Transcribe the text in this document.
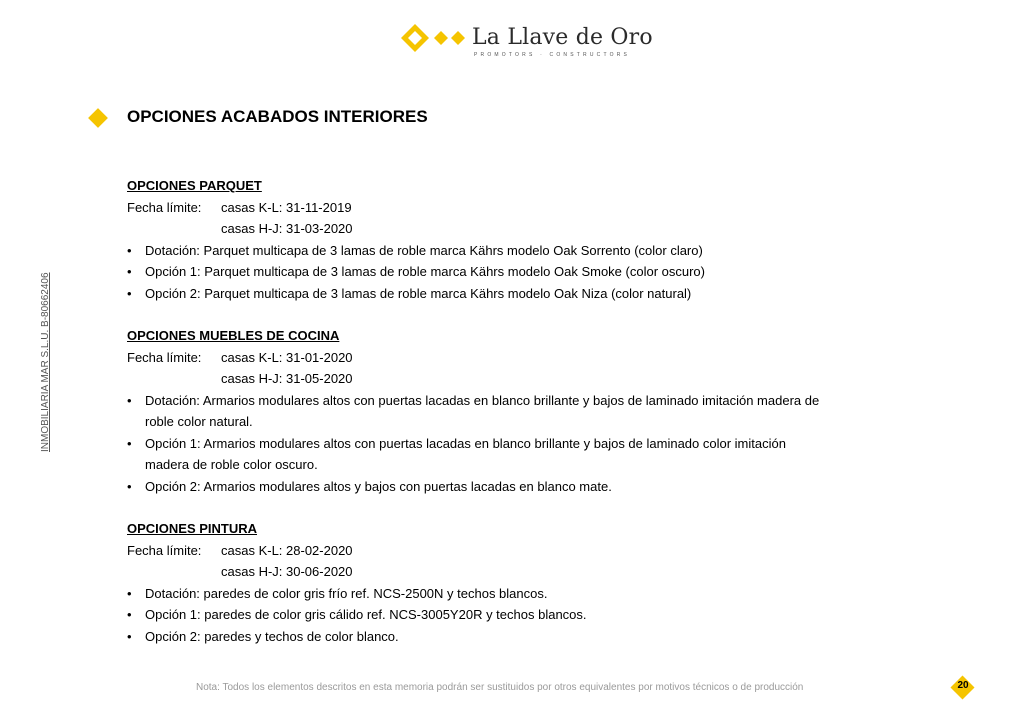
La Llave de Oro
PROMOTORS · CONSTRUCTORS
INMOBILIARIA MAR S.L.U. B-80662406
OPCIONES ACABADOS INTERIORES
OPCIONES PARQUET
Fecha límite: casas K-L: 31-11-2019
casas H-J: 31-03-2020
• Dotación: Parquet multicapa de 3 lamas de roble marca Kährs modelo Oak Sorrento (color claro)
• Opción 1: Parquet multicapa de 3 lamas de roble marca Kährs modelo Oak Smoke (color oscuro)
• Opción 2: Parquet multicapa de 3 lamas de roble marca Kährs modelo Oak Niza (color natural)
OPCIONES MUEBLES DE COCINA
Fecha límite: casas K-L: 31-01-2020
casas H-J: 31-05-2020
• Dotación: Armarios modulares altos con puertas lacadas en blanco brillante y bajos de laminado imitación madera de
roble color natural.
• Opción 1: Armarios modulares altos con puertas lacadas en blanco brillante y bajos de laminado color imitación
madera de roble color oscuro.
• Opción 2: Armarios modulares altos y bajos con puertas lacadas en blanco mate.
OPCIONES PINTURA
Fecha límite: casas K-L: 28-02-2020
casas H-J: 30-06-2020
• Dotación: paredes de color gris frío ref. NCS-2500N y techos blancos.
• Opción 1: paredes de color gris cálido ref. NCS-3005Y20R y techos blancos.
• Opción 2: paredes y techos de color blanco.
Nota: Todos los elementos descritos en esta memoria podrán ser sustituidos por otros equivalentes por motivos técnicos o de producción	20
